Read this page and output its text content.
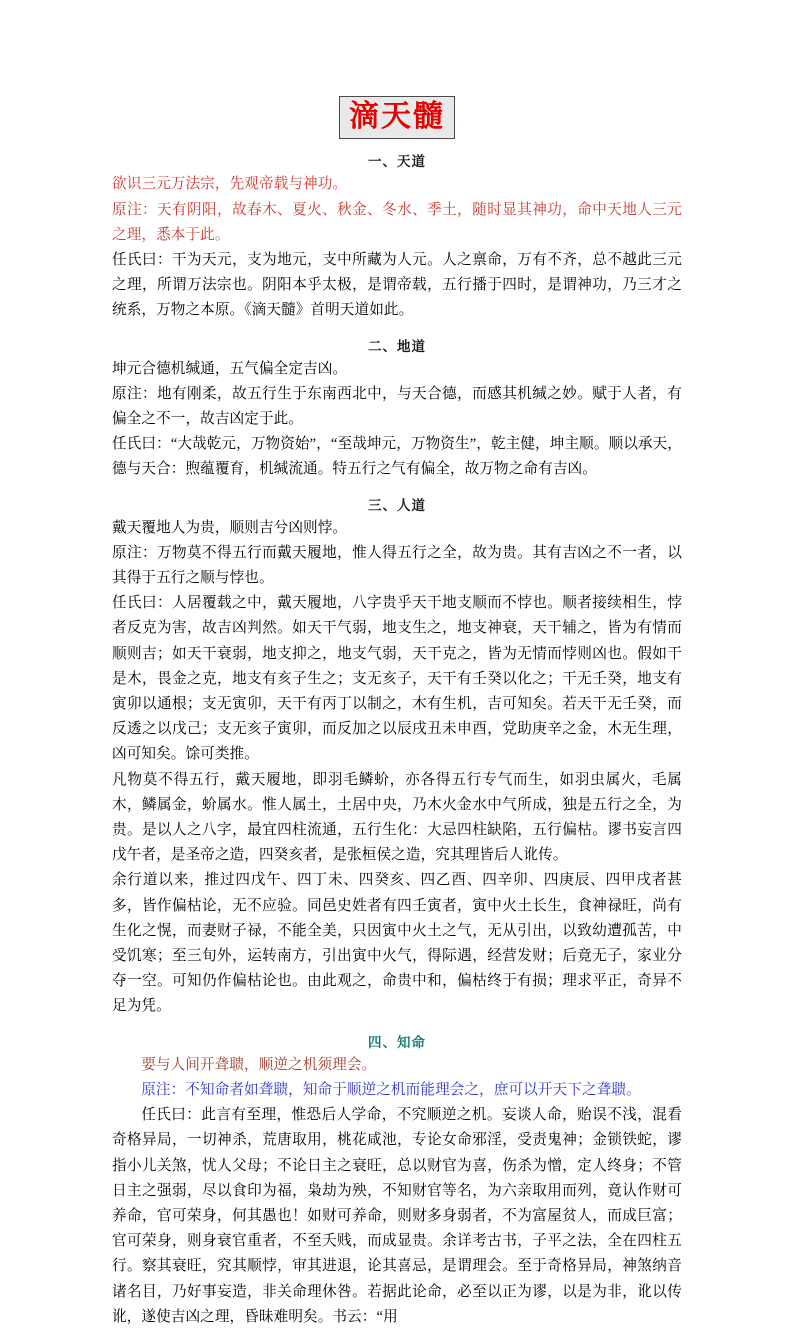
滴天髓
一、天道

欲识三元万法宗，先观帝载与神功。

原注：天有阴阳，故春木、夏火、秋金、冬水、季土，随时显其神功，命中天地人三元之理，悉本于此。

任氏曰：干为天元，支为地元，支中所藏为人元。人之禀命，万有不齐，总不越此三元之理，所谓万法宗也。阴阳本乎太极，是谓帝载，五行播于四时，是谓神功，乃三才之统系，万物之本原。《滴天髓》首明天道如此。

二、地道

坤元合德机缄通，五气偏全定吉凶。

原注：地有刚柔，故五行生于东南西北中，与天合德，而感其机缄之妙。赋于人者，有偏全之不一，故吉凶定于此。

任氏曰：“大哉乾元，万物资始”，“至哉坤元，万物资生”，乾主健，坤主顺。顺以承天，德与天合：煦蕴覆育，机缄流通。特五行之气有偏全，故万物之命有吉凶。

三、人道

戴天覆地人为贵，顺则吉兮凶则悖。

原注：万物莫不得五行而戴天履地，惟人得五行之全，故为贵。其有吉凶之不一者，以其得于五行之顺与悖也。

任氏曰：人居覆载之中，戴天履地，八字贵乎天干地支顺而不悖也。顺者接续相生，悖者反克为害，故吉凶判然。如天干气弱，地支生之，地支神衰，天干辅之，皆为有情而顺则吉；如天干衰弱，地支抑之，地支气弱，天干克之，皆为无情而悖则凶也。假如干是木，畏金之克，地支有亥子生之；支无亥子，天干有壬癸以化之；干无壬癸，地支有寅卯以通根；支无寅卯，天干有丙丁以制之，木有生机，吉可知矣。若天干无壬癸，而反透之以戊己；支无亥子寅卯，而反加之以辰戌丑未申酉，党助庚辛之金，木无生理，凶可知矣。馀可类推。

凡物莫不得五行，戴天履地，即羽毛鳞蚧，亦各得五行专气而生，如羽虫属火，毛属木，鳞属金，蚧属水。惟人属土，土居中央，乃木火金水中气所成，独是五行之全，为贵。是以人之八字，最宜四柱流通，五行生化：大忌四柱缺陷，五行偏枯。谬书妄言四戊午者，是圣帝之造，四癸亥者，是张桓侯之造，究其理皆后人讹传。

余行道以来，推过四戊午、四丁未、四癸亥、四乙酉、四辛卯、四庚辰、四甲戌者甚多，皆作偏枯论，无不应验。同邑史姓者有四壬寅者，寅中火土长生，食神禄旺，尚有生化之愰，而妻财子禄，不能全美，只因寅中火土之气，无从引出，以致幼遭孤苦，中受饥寒；至三旬外，运转南方，引出寅中火气，得际遇，经营发财；后竟无子，家业分夺一空。可知仍作偏枯论也。由此观之，命贵中和，偏枯终于有损；理求平正，奇异不足为凭。

四、知命

要与人间开聋聩，顺逆之机须理会。

原注：不知命者如聋聩，知命于顺逆之机而能理会之，庶可以开天下之聋聩。

任氏曰：此言有至理，惟恐后人学命，不究顺逆之机。妄谈人命，贻误不浅，混看奇格异局，一切神杀，荒唐取用，桃花咸池，专论女命邪淫，受责鬼神；金锁铁蛇，谬指小儿关煞，忧人父母；不论日主之衰旺，总以财官为喜，伤杀为憎，定人终身；不管日主之强弱，尽以食印为福，枭劫为殃，不知财官等名，为六亲取用而列，竟认作财可养命，官可荣身，何其愚也！如财可养命，则财多身弱者，不为富屋贫人，而成巨富；官可荣身，则身衰官重者，不至夭贱，而成显贵。余详考古书，子平之法，全在四柱五行。察其衰旺，究其顺悖，审其进退，论其喜忌，是谓理会。至于奇格异局，神煞纳音诸名目，乃好事妄造，非关命理休咎。若据此论命，必至以正为谬，以是为非，讹以传讹，遂使吉凶之理，昏昧难明矣。书云：“用
